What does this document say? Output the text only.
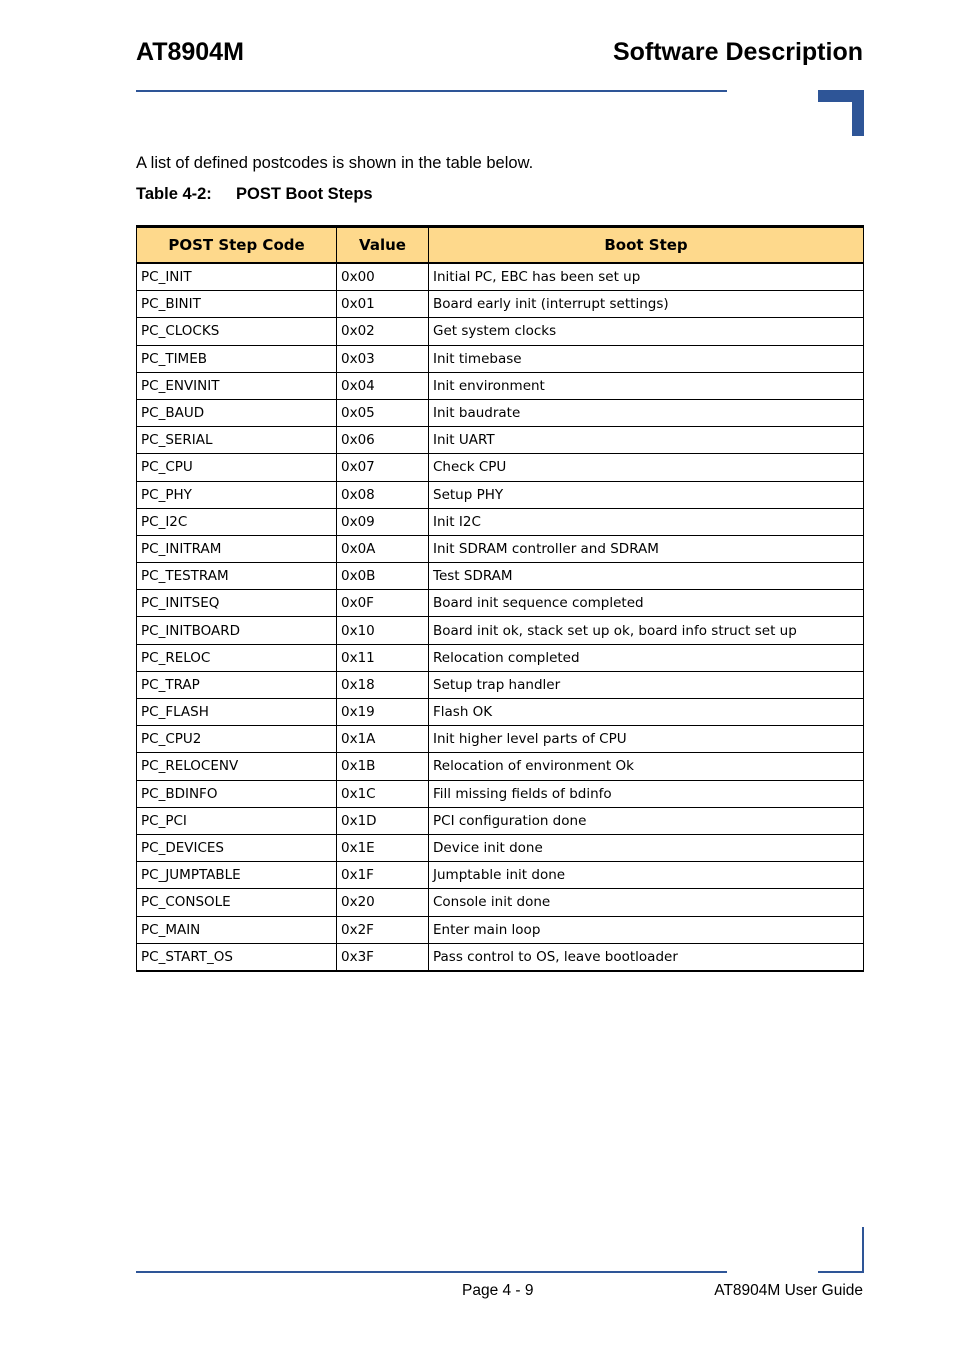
AT8904M	Software Description
A list of defined postcodes is shown in the table below.
Table 4-2: POST Boot Steps
POST Step Code	Value	Boot Step
PC_INIT	0x00	Initial PC, EBC has been set up
PC_BINIT	0x01	Board early init (interrupt settings)
PC_CLOCKS	0x02	Get system clocks
PC_TIMEB	0x03	Init timebase
PC_ENVINIT	0x04	Init environment
PC_BAUD	0x05	Init baudrate
PC_SERIAL	0x06	Init UART
PC_CPU	0x07	Check CPU
PC_PHY	0x08	Setup PHY
PC_I2C	0x09	Init I2C
PC_INITRAM	0x0A	Init SDRAM controller and SDRAM
PC_TESTRAM	0x0B	Test SDRAM
PC_INITSEQ	0x0F	Board init sequence completed
PC_INITBOARD	0x10	Board init ok, stack set up ok, board info struct set up
PC_RELOC	0x11	Relocation completed
PC_TRAP	0x18	Setup trap handler
PC_FLASH	0x19	Flash OK
PC_CPU2	0x1A	Init higher level parts of CPU
PC_RELOCENV	0x1B	Relocation of environment Ok
PC_BDINFO	0x1C	Fill missing fields of bdinfo
PC_PCI	0x1D	PCI configuration done
PC_DEVICES	0x1E	Device init done
PC_JUMPTABLE	0x1F	Jumptable init done
PC_CONSOLE	0x20	Console init done
PC_MAIN	0x2F	Enter main loop
PC_START_OS	0x3F	Pass control to OS, leave bootloader
Page 4 - 9	AT8904M User Guide
